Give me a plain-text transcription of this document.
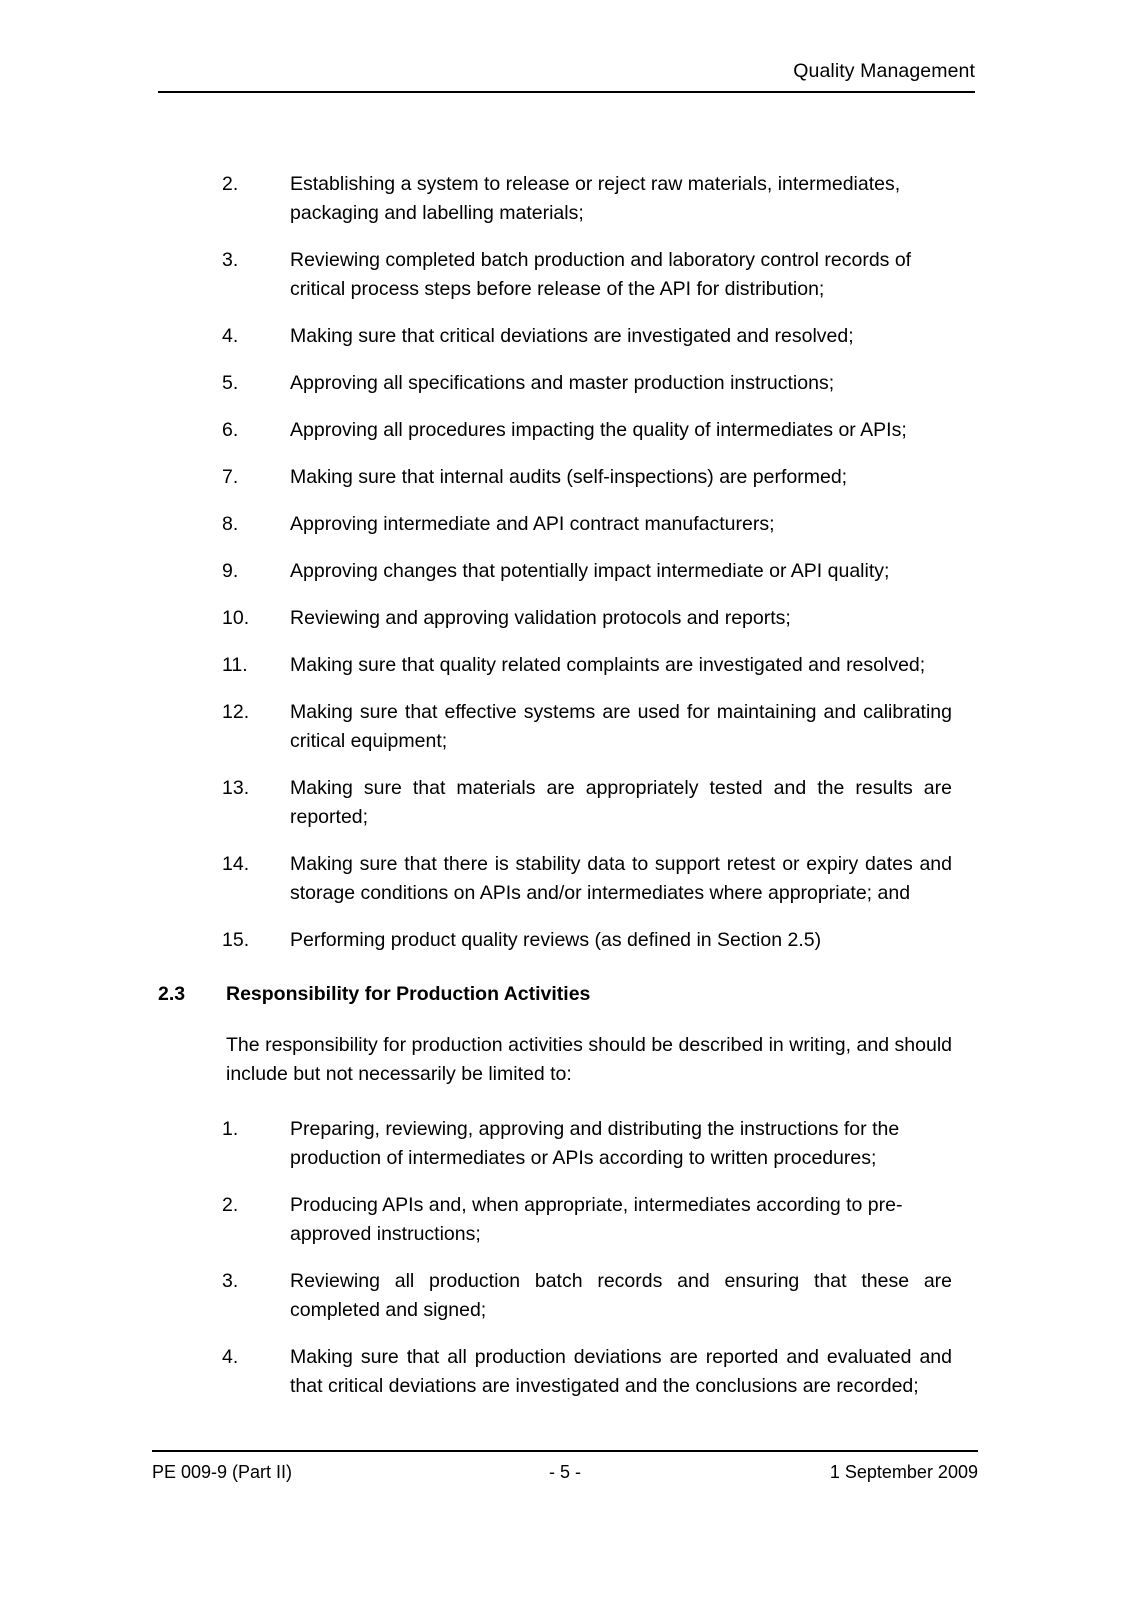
Quality Management
2.	Establishing a system to release or reject raw materials, intermediates, packaging and labelling materials;
3.	Reviewing completed batch production and laboratory control records of critical process steps before release of the API for distribution;
4.	Making sure that critical deviations are investigated and resolved;
5.	Approving all specifications and master production instructions;
6.	Approving all procedures impacting the quality of intermediates or APIs;
7.	Making sure that internal audits (self-inspections) are performed;
8.	Approving intermediate and API contract manufacturers;
9.	Approving changes that potentially impact intermediate or API quality;
10.	Reviewing and approving validation protocols and reports;
11.	Making sure that quality related complaints are investigated and resolved;
12.	Making sure that effective systems are used for maintaining and calibrating critical equipment;
13.	Making sure that materials are appropriately tested and the results are reported;
14.	Making sure that there is stability data to support retest or expiry dates and storage conditions on APIs and/or intermediates where appropriate; and
15.	Performing product quality reviews (as defined in Section 2.5)
2.3	Responsibility for Production Activities
The responsibility for production activities should be described in writing, and should include but not necessarily be limited to:
1.	Preparing, reviewing, approving and distributing the instructions for the production of intermediates or APIs according to written procedures;
2.	Producing APIs and, when appropriate, intermediates according to pre-approved instructions;
3.	Reviewing all production batch records and ensuring that these are completed and signed;
4.	Making sure that all production deviations are reported and evaluated and that critical deviations are investigated and the conclusions are recorded;
PE 009-9 (Part II)	- 5 -	1 September 2009
